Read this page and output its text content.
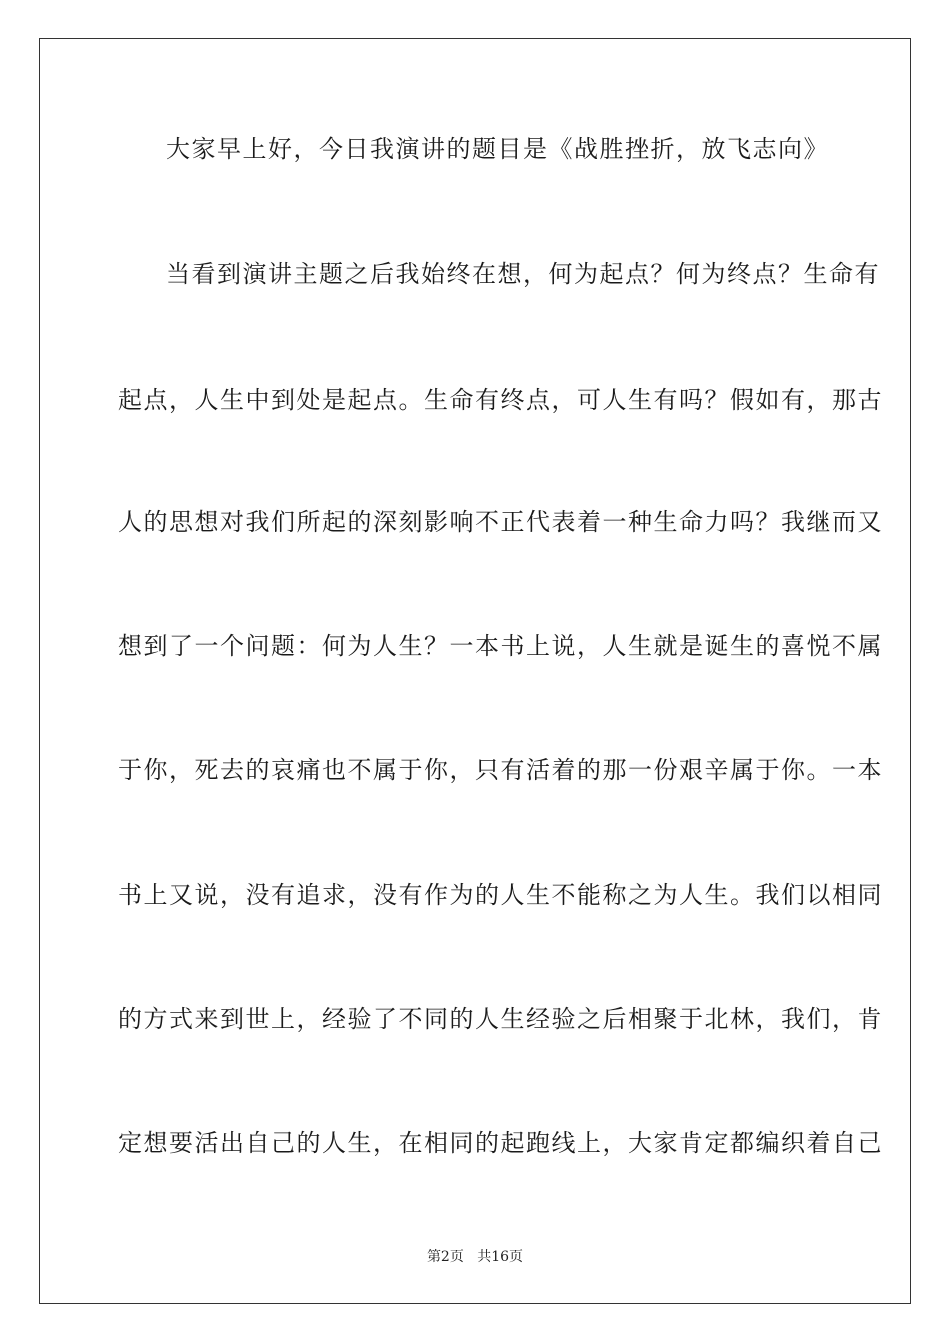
大家早上好，今日我演讲的题目是《战胜挫折，放飞志向》
当看到演讲主题之后我始终在想，何为起点？何为终点？生命有
起点，人生中到处是起点。生命有终点，可人生有吗？假如有，那古
人的思想对我们所起的深刻影响不正代表着一种生命力吗？我继而又
想到了一个问题：何为人生？一本书上说，人生就是诞生的喜悦不属
于你，死去的哀痛也不属于你，只有活着的那一份艰辛属于你。一本
书上又说，没有追求，没有作为的人生不能称之为人生。我们以相同
的方式来到世上，经验了不同的人生经验之后相聚于北林，我们，肯
定想要活出自己的人生，在相同的起跑线上，大家肯定都编织着自己
第2页 共16页
